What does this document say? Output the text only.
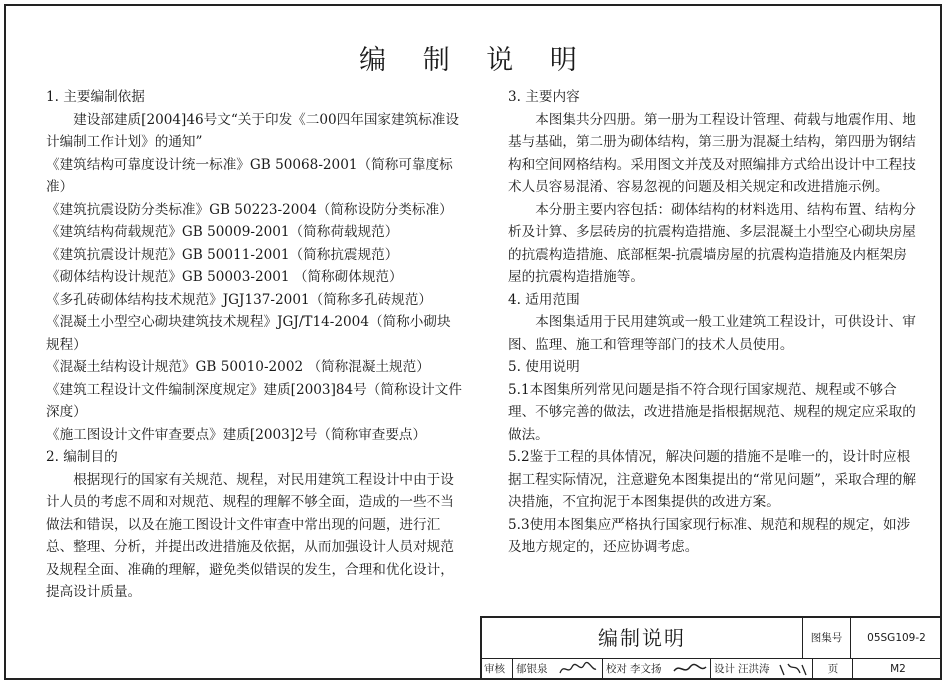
编 制 说 明

1. 主要编制依据

建设部建质[2004]46号文“关于印发《二00四年国家建筑标准设计编制工作计划》的通知”

《建筑结构可靠度设计统一标准》GB 50068-2001（简称可靠度标准）

《建筑抗震设防分类标准》GB 50223-2004（简称设防分类标准）

《建筑结构荷载规范》GB 50009-2001（简称荷载规范）

《建筑抗震设计规范》GB 50011-2001（简称抗震规范）

《砌体结构设计规范》GB 50003-2001 （简称砌体规范）

《多孔砖砌体结构技术规范》JGJ137-2001（简称多孔砖规范）

《混凝土小型空心砌块建筑技术规程》JGJ/T14-2004（简称小砌块规程）

《混凝土结构设计规范》GB 50010-2002 （简称混凝土规范）

《建筑工程设计文件编制深度规定》建质[2003]84号（简称设计文件深度）

《施工图设计文件审查要点》建质[2003]2号（简称审查要点）

2. 编制目的

根据现行的国家有关规范、规程，对民用建筑工程设计中由于设计人员的考虑不周和对规范、规程的理解不够全面，造成的一些不当做法和错误，以及在施工图设计文件审查中常出现的问题，进行汇总、整理、分析，并提出改进措施及依据，从而加强设计人员对规范及规程全面、准确的理解，避免类似错误的发生，合理和优化设计，提高设计质量。

3. 主要内容

本图集共分四册。第一册为工程设计管理、荷载与地震作用、地基与基础，第二册为砌体结构，第三册为混凝土结构，第四册为钢结构和空间网格结构。采用图文并茂及对照编排方式给出设计中工程技术人员容易混淆、容易忽视的问题及相关规定和改进措施示例。

本分册主要内容包括：砌体结构的材料选用、结构布置、结构分析及计算、多层砖房的抗震构造措施、多层混凝土小型空心砌块房屋的抗震构造措施、底部框架-抗震墙房屋的抗震构造措施及内框架房屋的抗震构造措施等。

4. 适用范围

本图集适用于民用建筑或一般工业建筑工程设计，可供设计、审图、监理、施工和管理等部门的技术人员使用。

5. 使用说明

5.1本图集所列常见问题是指不符合现行国家规范、规程或不够合理、不够完善的做法，改进措施是指根据规范、规程的规定应采取的做法。

5.2鉴于工程的具体情况，解决问题的措施不是唯一的，设计时应根据工程实际情况，注意避免本图集提出的“常见问题”，采取合理的解决措施，不宜拘泥于本图集提供的改进方案。

5.3使用本图集应严格执行国家现行标准、规范和规程的规定，如涉及地方规定的，还应协调考虑。

编制说明	图集号	05SG109-2
审核	郁银泉	校对 李文扬	设计 汪洪涛	页	M2
